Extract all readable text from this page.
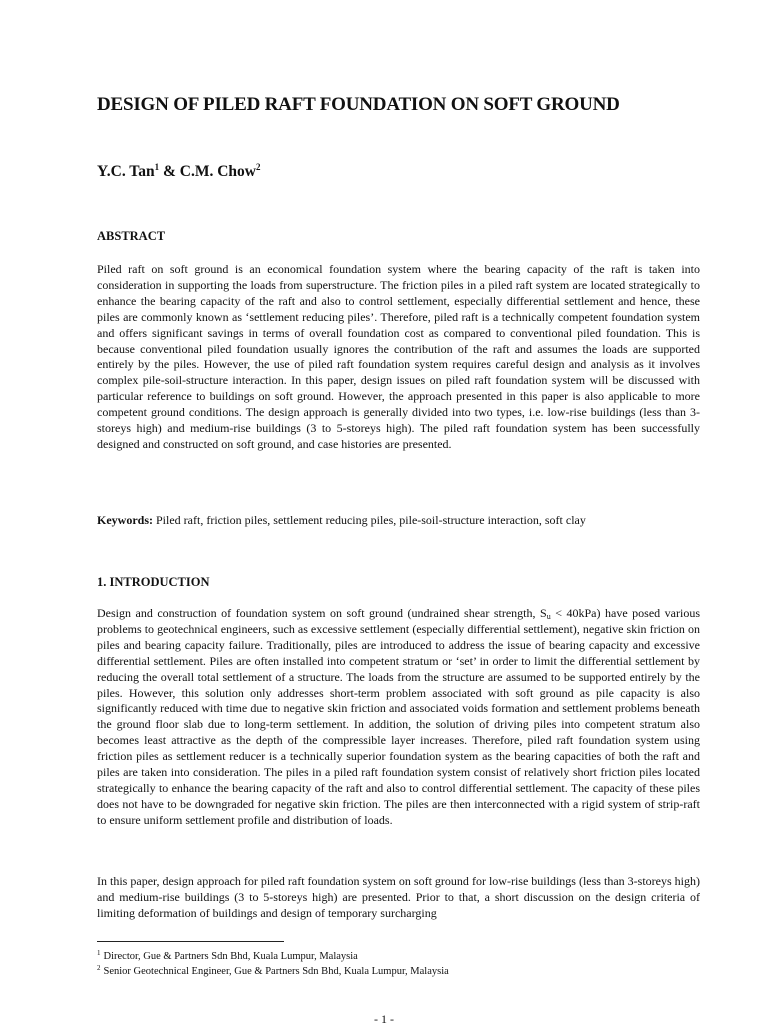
DESIGN OF PILED RAFT FOUNDATION ON SOFT GROUND
Y.C. Tan$^1$ & C.M. Chow$^2$
ABSTRACT

Piled raft on soft ground is an economical foundation system where the bearing capacity of the raft is taken into consideration in supporting the loads from superstructure. The friction piles in a piled raft system are located strategically to enhance the bearing capacity of the raft and also to control settlement, especially differential settlement and hence, these piles are commonly known as ‘settlement reducing piles’. Therefore, piled raft is a technically competent foundation system and offers significant savings in terms of overall foundation cost as compared to conventional piled foundation. This is because conventional piled foundation usually ignores the contribution of the raft and assumes the loads are supported entirely by the piles. However, the use of piled raft foundation system requires careful design and analysis as it involves complex pile-soil-structure interaction. In this paper, design issues on piled raft foundation system will be discussed with particular reference to buildings on soft ground. However, the approach presented in this paper is also applicable to more competent ground conditions. The design approach is generally divided into two types, i.e. low-rise buildings (less than 3-storeys high) and medium-rise buildings (3 to 5-storeys high). The piled raft foundation system has been successfully designed and constructed on soft ground, and case histories are presented.

Keywords: Piled raft, friction piles, settlement reducing piles, pile-soil-structure interaction, soft clay
1. INTRODUCTION

Design and construction of foundation system on soft ground (undrained shear strength, $S_u < 40kPa$) have posed various problems to geotechnical engineers, such as excessive settlement (especially differential settlement), negative skin friction on piles and bearing capacity failure. Traditionally, piles are introduced to address the issue of bearing capacity and excessive differential settlement. Piles are often installed into competent stratum or ‘set’ in order to limit the differential settlement by reducing the overall total settlement of a structure. The loads from the structure are assumed to be supported entirely by the piles. However, this solution only addresses short-term problem associated with soft ground as pile capacity is also significantly reduced with time due to negative skin friction and associated voids formation and settlement problems beneath the ground floor slab due to long-term settlement. In addition, the solution of driving piles into competent stratum also becomes least attractive as the depth of the compressible layer increases. Therefore, piled raft foundation system using friction piles as settlement reducer is a technically superior foundation system as the bearing capacities of both the raft and piles are taken into consideration. The piles in a piled raft foundation system consist of relatively short friction piles located strategically to enhance the bearing capacity of the raft and also to control differential settlement. The capacity of these piles does not have to be downgraded for negative skin friction. The piles are then interconnected with a rigid system of strip-raft to ensure uniform settlement profile and distribution of loads.

In this paper, design approach for piled raft foundation system on soft ground for low-rise buildings (less than 3-storeys high) and medium-rise buildings (3 to 5-storeys high) are presented. Prior to that, a short discussion on the design criteria of limiting deformation of buildings and design of temporary surcharging

$^1$ Director, Gue & Partners Sdn Bhd, Kuala Lumpur, Malaysia
$^2$ Senior Geotechnical Engineer, Gue & Partners Sdn Bhd, Kuala Lumpur, Malaysia
- 1 -
